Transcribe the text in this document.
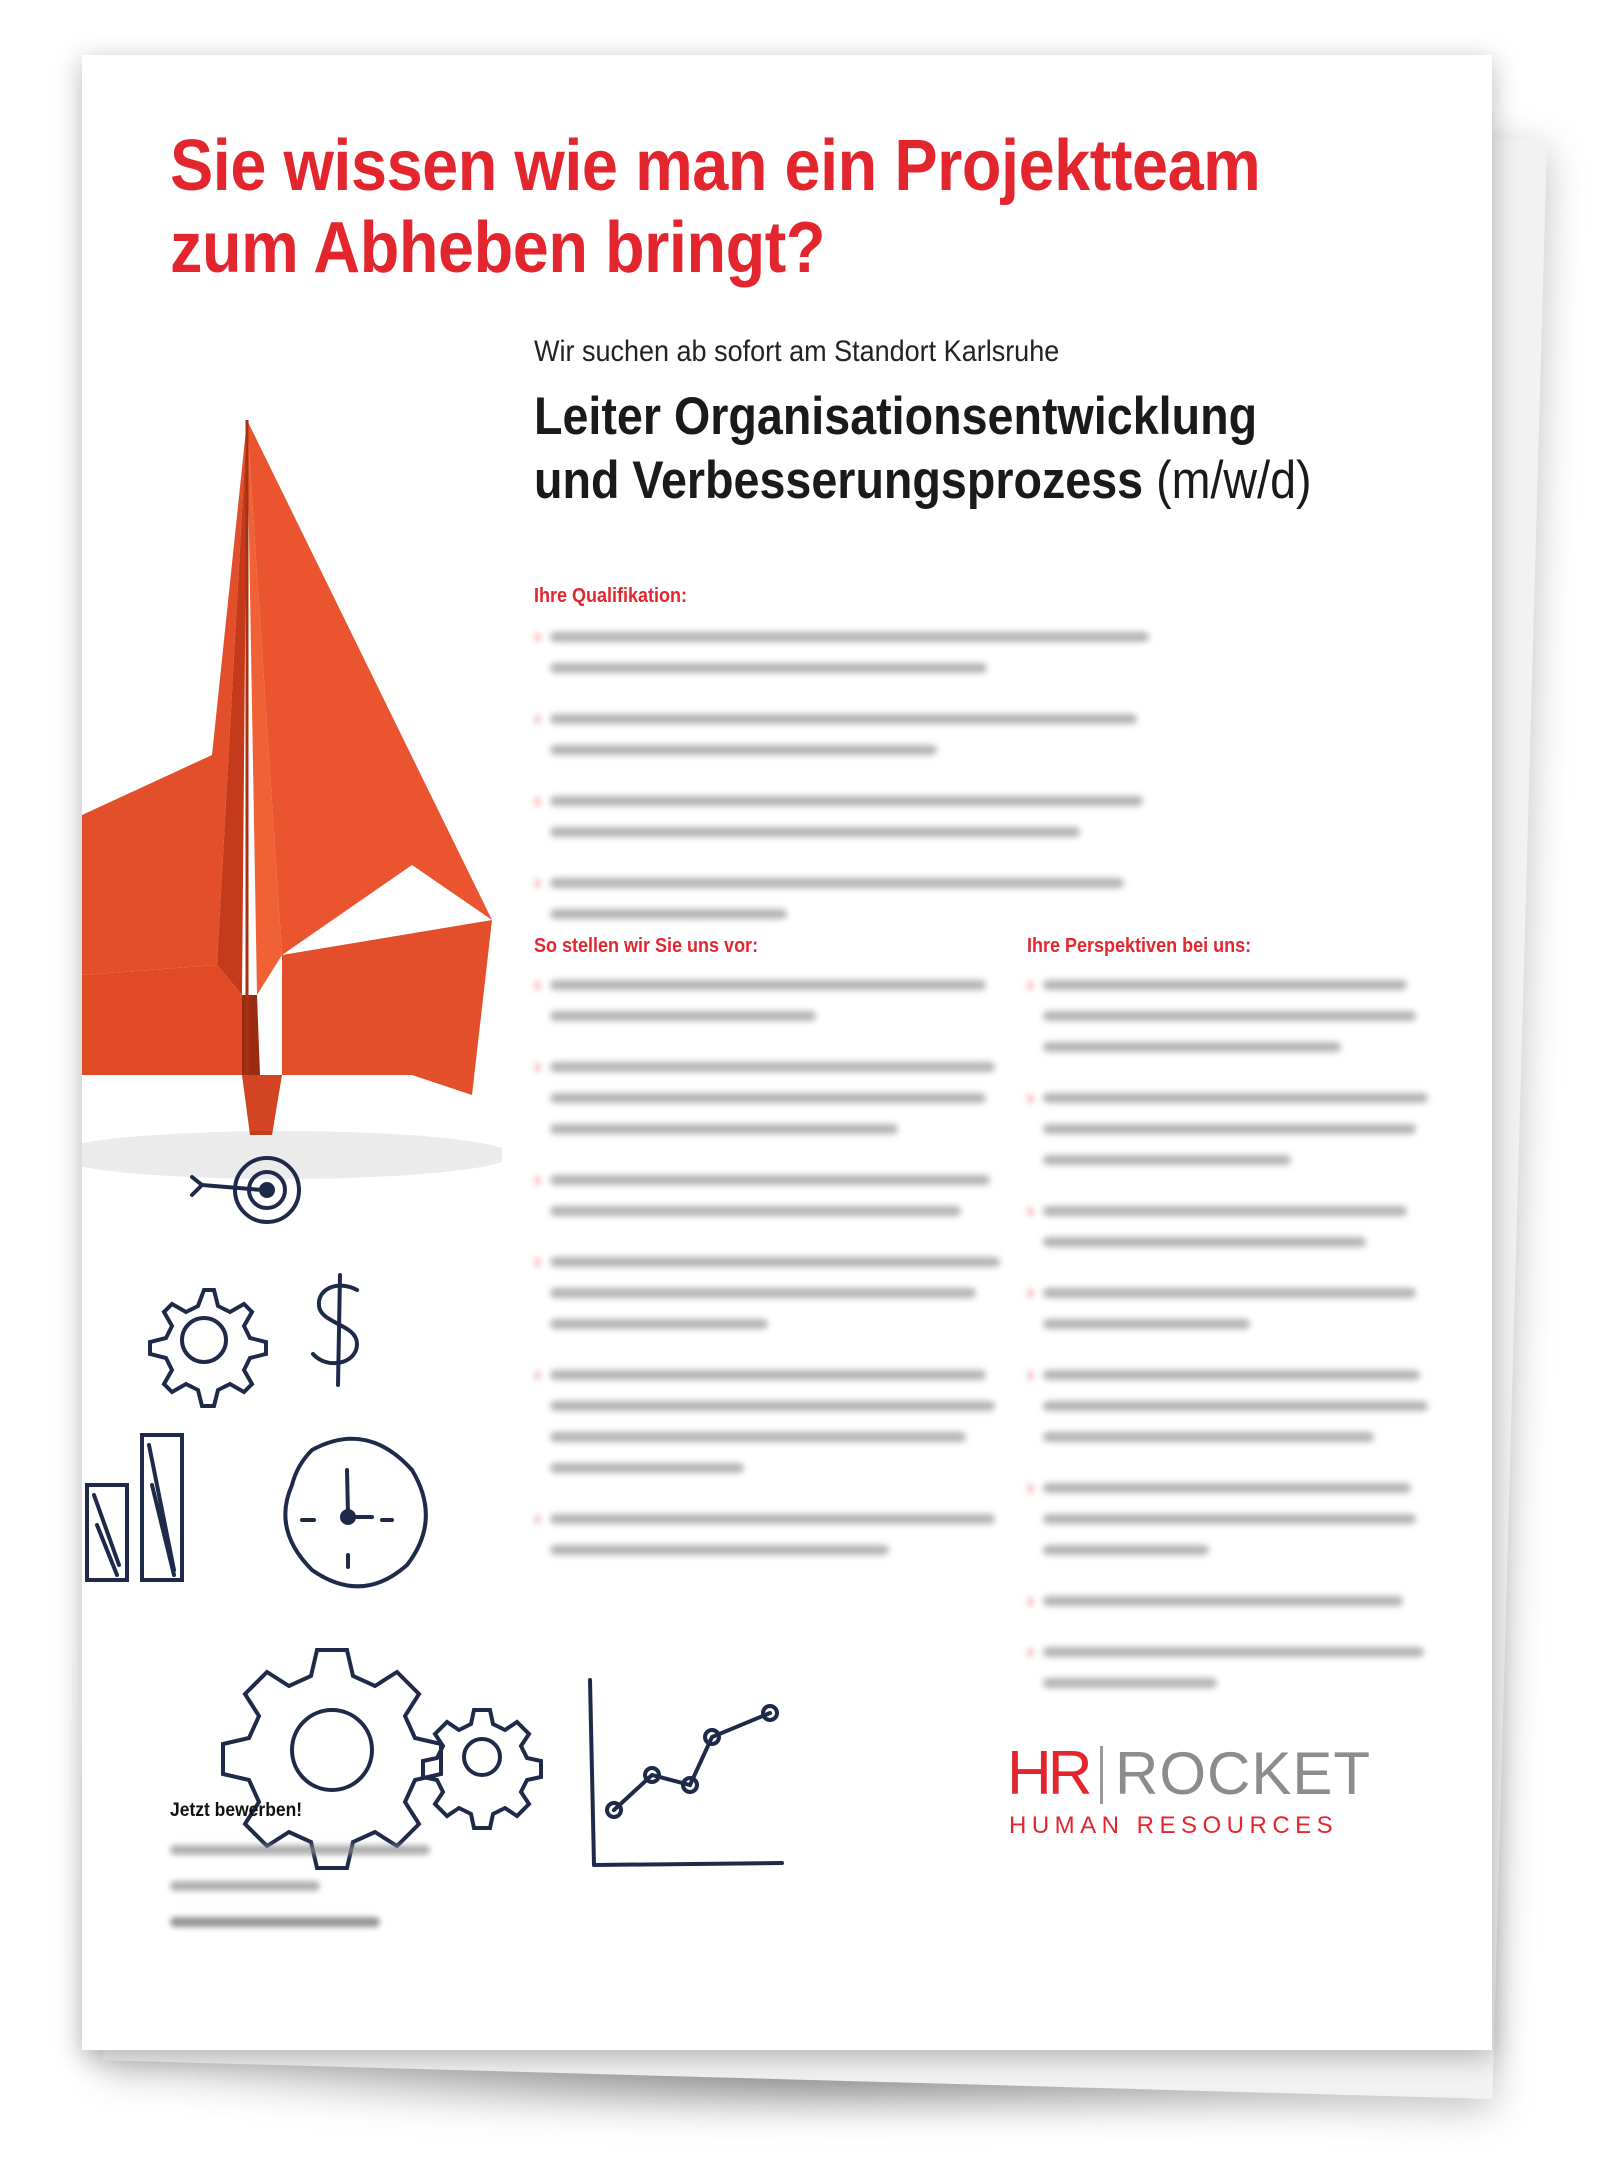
Sie wissen wie man ein Projektteam
zum Abheben bringt?
Wir suchen ab sofort am Standort Karlsruhe
Leiter Organisationsentwicklung
und Verbesserungsprozess (m/w/d)
Ihre Qualifikation:
›
›
›
›
So stellen wir Sie uns vor:
›
›
›
›
›
›
Ihre Perspektiven bei uns:
›
›
›
›
›
›
›
›
HR ROCKET
HUMAN RESOURCES
Jetzt bewerben!
